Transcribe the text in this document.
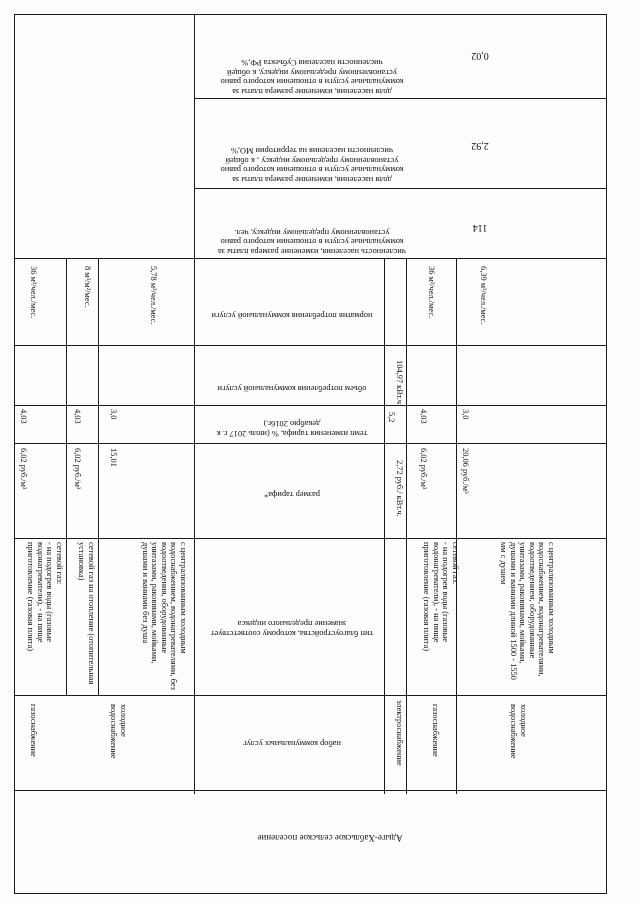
доля населения, изменение размера платы за коммунальные услуги в отношении которого равно установленному предельному индексу, к общей численности населения Субъекта РФ,%
0,02
доля населения, изменение размера платы за коммунальные услуги в отношении которого равно установленному предельному индексу , к общей численности населения на территории МО,%	2,92
численность населения, изменение размера платы за коммунальные услуги в отношении которого равно установленному предельному индексу, чел.	114
норматив потребления коммунальной услуги
объем потребления коммунальной услуги
темп изменения тарифа, % (июль 2017 г. к декабрю 2016г.)
размер тарифа*
тип благоустройства, которому соответствует значение предельного индекса
набор коммунальных услуг
Адыге-Хабльское сельское поселение
газоснабжение
сетевой газ:
- на подогрев воды (газовые водонагреватели), - на пище приготовление (газовая плита)
6,02 руб./м³
4,03
36 м³/чел./мес.
сетевой газ на отопление (отопительная установка)
6,02 руб./м³
4,03
8 м³/м²/мес.
холодное водоснабжение
с централизованным холодным водоснабжением, водонагревателями, без водоотведения, оборудованные унитазами, раковинами, мойками, душами и ваннами без душа
15,01
3,0
5,78 м³/чел./мес.
электроснабжение
2,72 руб./ кВт.ч.
5,2
104,97 кВт.ч.
газоснабжение
сетевой газ:
- на подогрев воды (газовые водонагреватели), - на пище приготовление (газовая плита)
6,02 руб./м³
4,03
36 м³/чел./мес.
холодное водоснабжение
с централизованным холодным водоснабжением, водонагревателями, водоотведением, оборудованные унитазами, раковинами, мойками, душами и ваннами длиной 1500 - 1550 мм с душем
20,06 руб./м³
3,0
6,39 м³/чел./мес.
